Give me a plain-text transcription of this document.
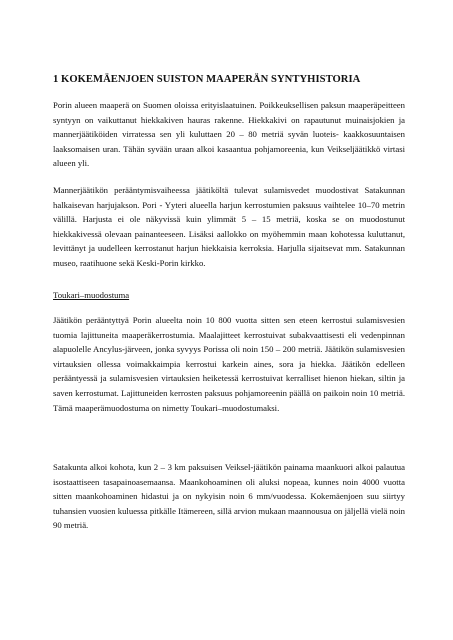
1 KOKEMÄENJOEN SUISTON MAAPERÄN SYNTYHISTORIA

Porin alueen maaperä on Suomen oloissa erityislaatuinen. Poikkeuksellisen paksun maaperäpeitteen syntyyn on vaikuttanut hiekkakiven hauras rakenne. Hiekkakivi on rapautunut muinaisjokien ja mannerjäätiköiden virratessa sen yli kuluttaen 20 – 80 metriä syvän luoteis- kaakkosuuntaisen laaksomaisen uran. Tähän syvään uraan alkoi kasaantua pohjamoreenia, kun Veikseljäätikkö virtasi alueen yli.

Mannerjäätikön perääntymisvaiheessa jäätiköltä tulevat sulamisvedet muodostivat Satakunnan halkaisevan harjujakson. Pori - Yyteri alueella harjun kerrostumien paksuus vaihtelee 10–70 metrin välillä. Harjusta ei ole näkyvissä kuin ylimmät 5 – 15 metriä, koska se on muodostunut hiekkakivessä olevaan painanteeseen. Lisäksi aallokko on myöhemmin maan kohotessa kuluttanut, levittänyt ja uudelleen kerrostanut harjun hiekkaisia kerroksia. Harjulla sijaitsevat mm. Satakunnan museo, raatihuone sekä Keski-Porin kirkko.

Toukari–muodostuma

Jäätikön perääntyttyä Porin alueelta noin 10 800 vuotta sitten sen eteen kerrostui sulamisvesien tuomia lajittuneita maaperäkerrostumia. Maalajitteet kerrostuivat subakvaattisesti eli vedenpinnan alapuolelle Ancylus-järveen, jonka syvyys Porissa oli noin 150 – 200 metriä. Jäätikön sulamisvesien virtauksien ollessa voimakkaimpia kerrostui karkein aines, sora ja hiekka. Jäätikön edelleen perääntyessä ja sulamisvesien virtauksien heiketessä kerrostuivat kerralliset hienon hiekan, siltin ja saven kerrostumat. Lajittuneiden kerrosten paksuus pohjamoreenin päällä on paikoin noin 10 metriä. Tämä maaperämuodostuma on nimetty Toukari–muodostumaksi.

Satakunta alkoi kohota, kun 2 – 3 km paksuisen Veiksel-jäätikön painama maankuori alkoi palautua isostaattiseen tasapainoasemaansa. Maankohoaminen oli aluksi nopeaa, kunnes noin 4000 vuotta sitten maankohoaminen hidastui ja on nykyisin noin 6 mm/vuodessa. Kokemäenjoen suu siirtyy tuhansien vuosien kuluessa pitkälle Itämereen, sillä arvion mukaan maannousua on jäljellä vielä noin 90 metriä.
